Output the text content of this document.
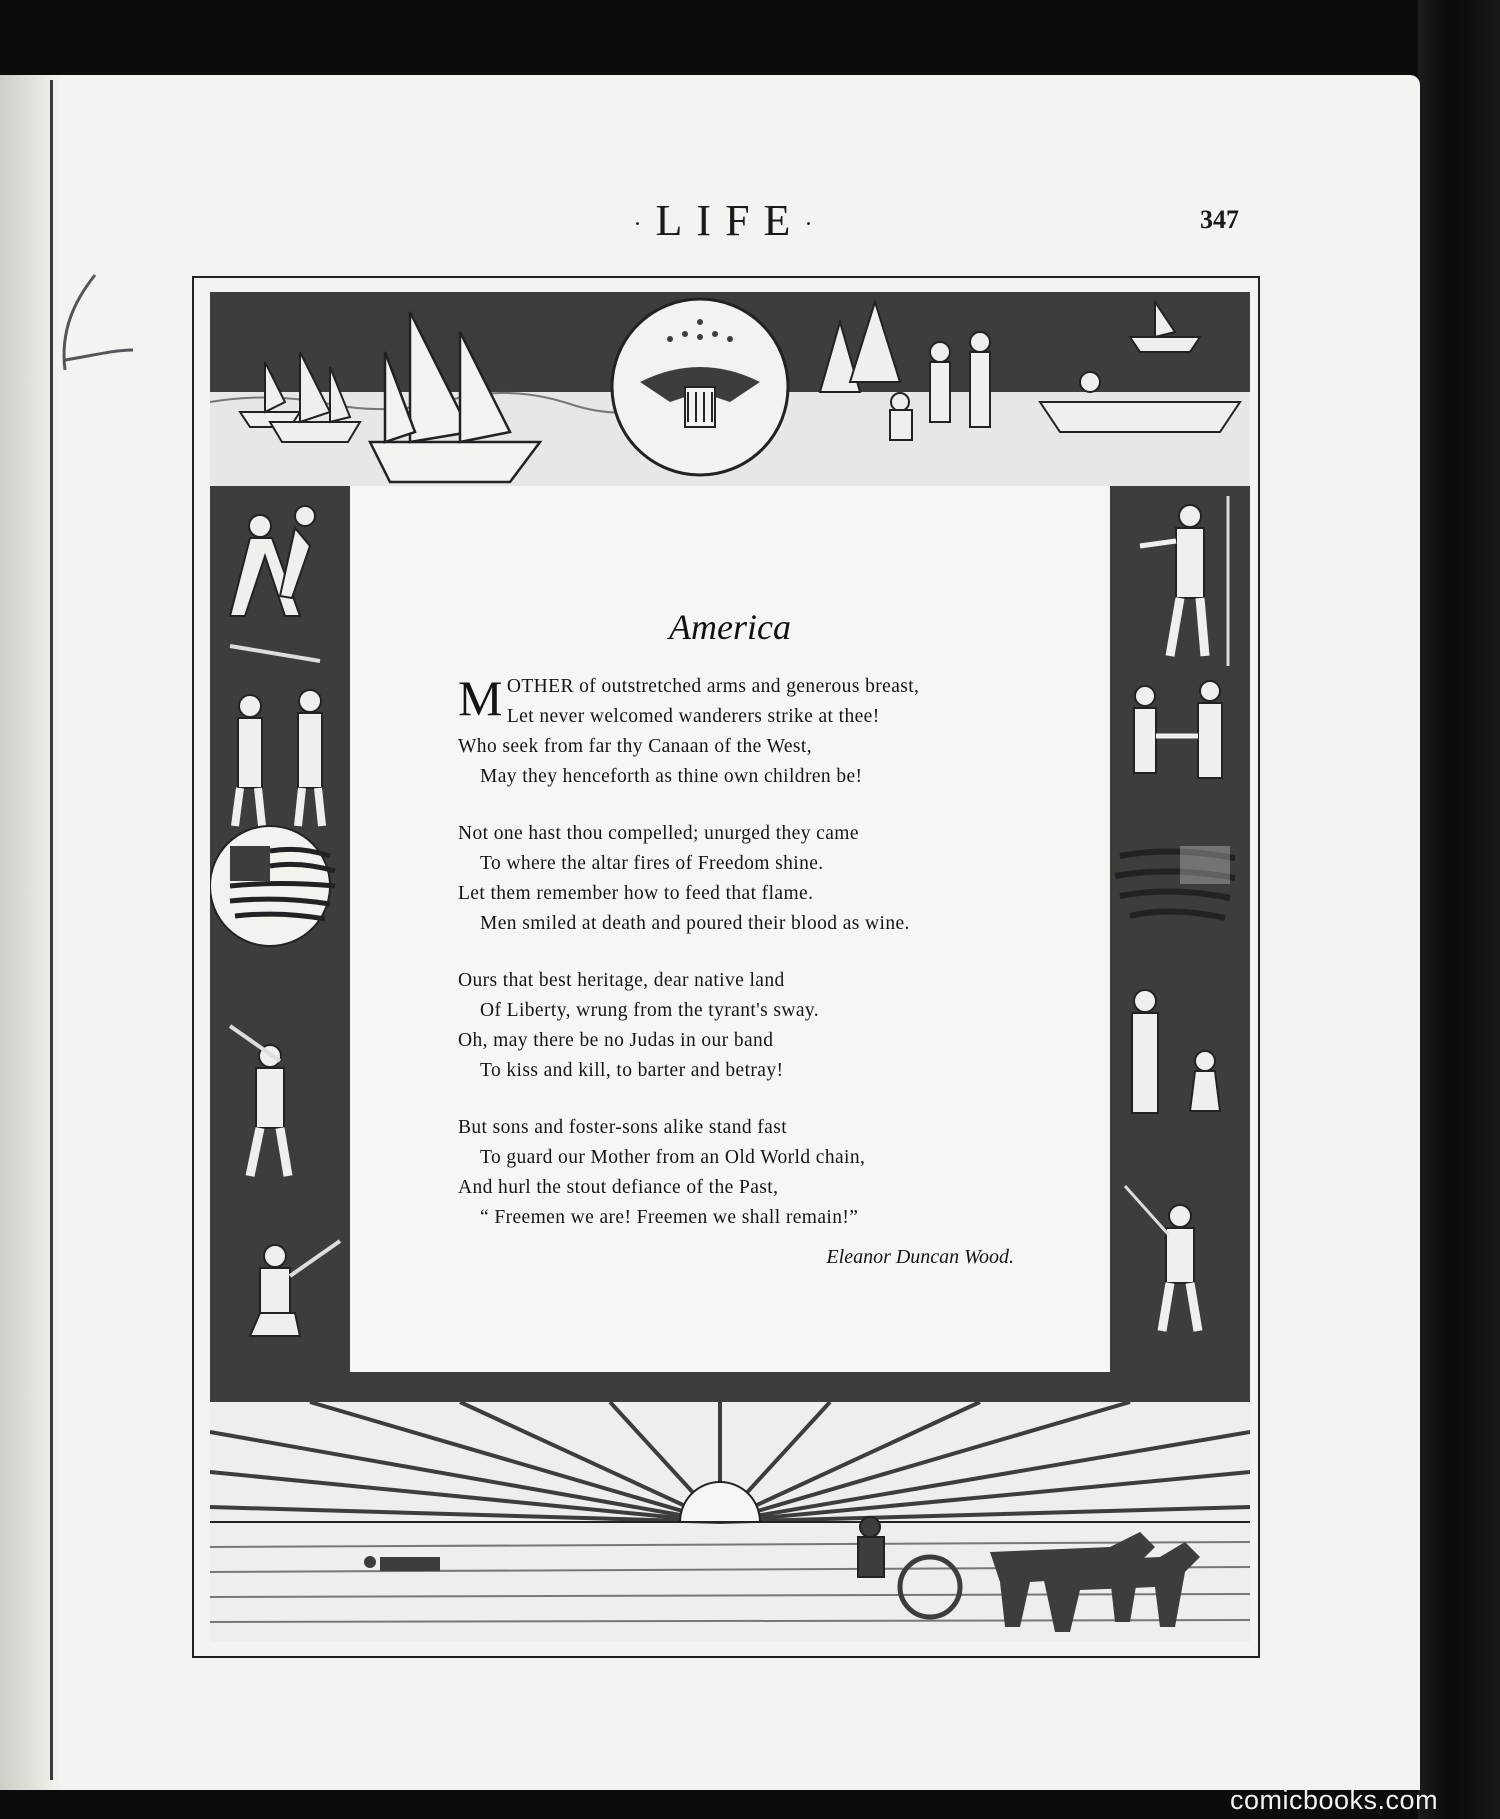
·LIFE·	347
America
MOTHER of outstretched arms and generous breast,
Let never welcomed wanderers strike at thee!
Who seek from far thy Canaan of the West,
May they henceforth as thine own children be!
Not one hast thou compelled; unurged they came
To where the altar fires of Freedom shine.
Let them remember how to feed that flame.
Men smiled at death and poured their blood as wine.
Ours that best heritage, dear native land
Of Liberty, wrung from the tyrant's sway.
Oh, may there be no Judas in our band
To kiss and kill, to barter and betray!
But sons and foster-sons alike stand fast
To guard our Mother from an Old World chain,
And hurl the stout defiance of the Past,
“ Freemen we are! Freemen we shall remain!”
Eleanor Duncan Wood.
comicbooks.com
